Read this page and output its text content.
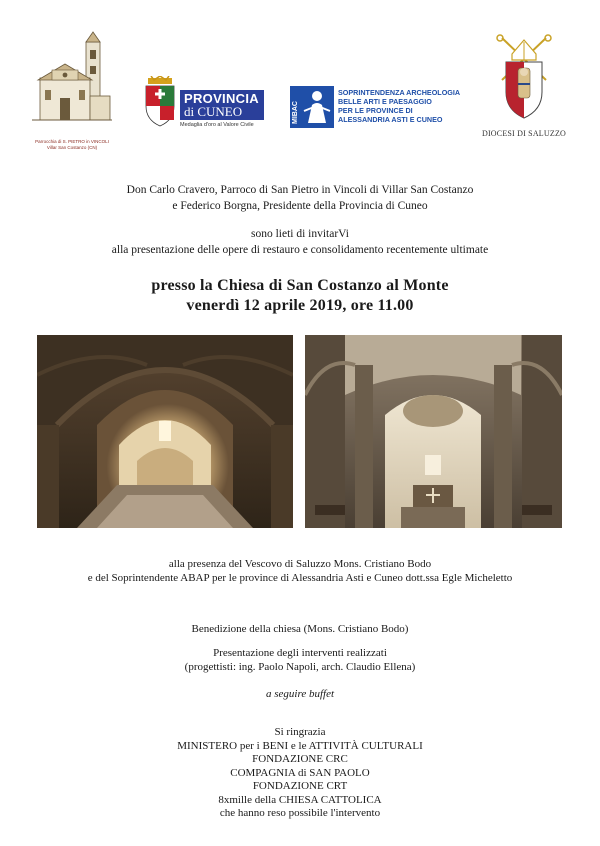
Parrocchia di S. PIETRO in VINCOLI
Villar San Costanzo (CN)
PROVINCIA
di CUNEO
Medaglia d'oro al Valore Civile
MIBAC
SOPRINTENDENZA ARCHEOLOGIA
BELLE ARTI E PAESAGGIO
PER LE PROVINCE DI
ALESSANDRIA ASTI E CUNEO
DIOCESI DI SALUZZO
Don Carlo Cravero, Parroco di San Pietro in Vincoli di Villar San Costanzo
e Federico Borgna, Presidente della Provincia di Cuneo
sono lieti di invitarVi
alla presentazione delle opere di restauro e consolidamento recentemente ultimate
presso la Chiesa di San Costanzo al Monte
venerdì 12 aprile 2019, ore 11.00
alla presenza del Vescovo di Saluzzo Mons. Cristiano Bodo
e del Soprintendente ABAP per le province di Alessandria Asti e Cuneo dott.ssa Egle Micheletto
Benedizione della chiesa (Mons. Cristiano Bodo)
Presentazione degli interventi realizzati
(progettisti: ing. Paolo Napoli, arch. Claudio Ellena)
a seguire buffet
Si ringrazia
MINISTERO per i BENI e le ATTIVITÀ CULTURALI
FONDAZIONE CRC
COMPAGNIA di SAN PAOLO
FONDAZIONE CRT
8xmille della CHIESA CATTOLICA
che hanno reso possibile l'intervento
